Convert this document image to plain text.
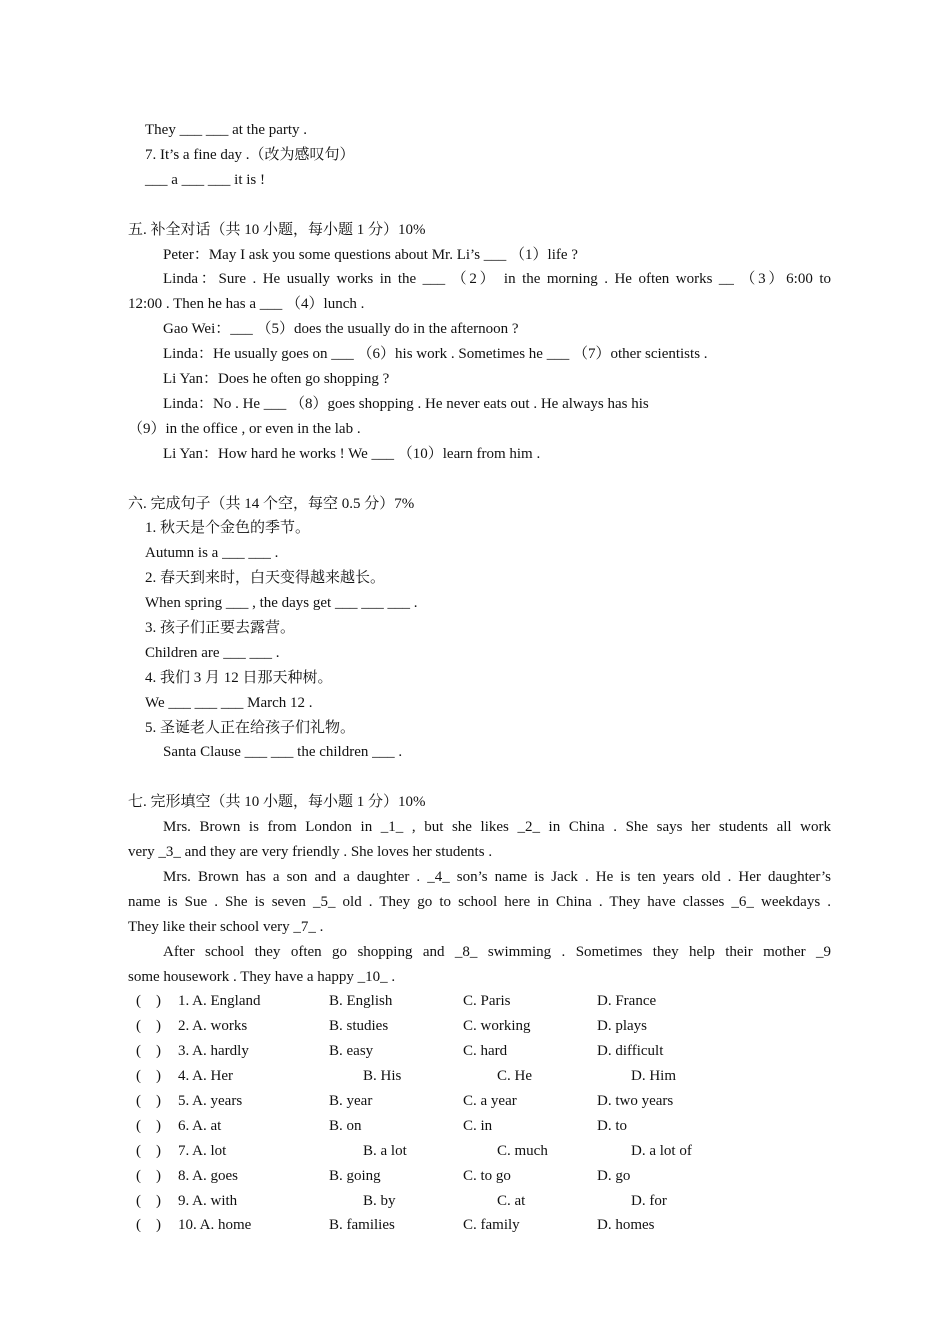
They ___ ___ at the party .
7. It’s a fine day .（改为感叹句）
___ a ___ ___ it is !
五. 补全对话（共 10 小题，每小题 1 分）10%
Peter：May I ask you some questions about Mr. Li’s ___ （1）life ?
Linda：Sure . He usually works in the ___ （2） in the morning . He often works __ （3）6:00 to
12:00 . Then he has a ___ （4）lunch .
Gao Wei：___ （5）does the usually do in the afternoon ?
Linda：He usually goes on ___ （6）his work . Sometimes he ___ （7）other scientists .
Li Yan：Does he often go shopping ?
Linda：No . He ___ （8）goes shopping . He never eats out . He always has his
（9）in the office , or even in the lab .
Li Yan：How hard he works ! We ___ （10）learn from him .
六. 完成句子（共 14 个空，每空 0.5 分）7%
1. 秋天是个金色的季节。
Autumn is a ___ ___ .
2. 春天到来时，白天变得越来越长。
When spring ___ , the days get ___ ___ ___ .
3. 孩子们正要去露营。
Children are ___ ___ .
4. 我们 3 月 12 日那天种树。
We ___ ___ ___ March 12 .
5. 圣诞老人正在给孩子们礼物。
Santa Clause ___ ___ the children ___ .
七. 完形填空（共 10 小题，每小题 1 分）10%
Mrs. Brown is from London in _1_ , but she likes _2_ in China . She says her students all work
very _3_ and they are very friendly . She loves her students .
Mrs. Brown has a son and a daughter . _4_ son’s name is Jack . He is ten years old . Her daughter’s
name is Sue . She is seven _5_ old . They go to school here in China . They have classes _6_ weekdays .
They like their school very _7_ .
After school they often go shopping and _8_ swimming . Sometimes they help their mother _9
some housework . They have a happy _10_ .
(　) 1. A. England	B. English	C. Paris	D. France
(　) 2. A. works	B. studies	C. working	D. plays
(　) 3. A. hardly	B. easy	C. hard	D. difficult
(　) 4. A. Her	B. His	C. He	D. Him
(　) 5. A. years	B. year	C. a year	D. two years
(　) 6. A. at	B. on	C. in	D. to
(　) 7. A. lot	B. a lot	C. much	D. a lot of
(　) 8. A. goes	B. going	C. to go	D. go
(　) 9. A. with	B. by	C. at	D. for
(　) 10. A. home	B. families	C. family	D. homes
